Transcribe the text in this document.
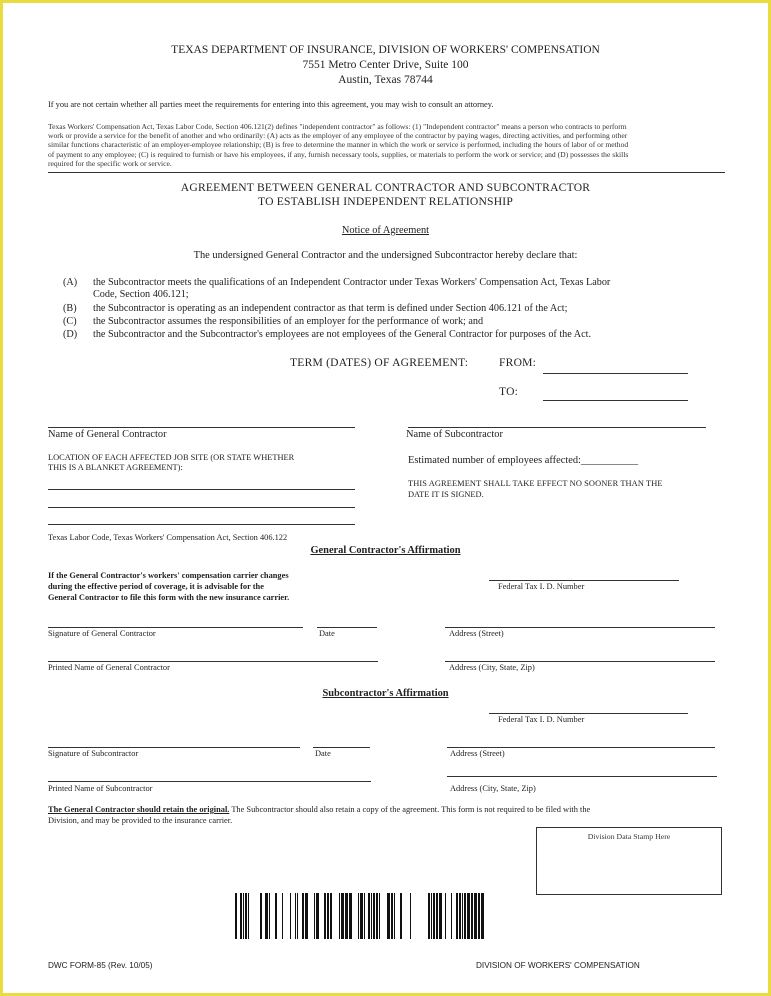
TEXAS DEPARTMENT OF INSURANCE, DIVISION OF WORKERS' COMPENSATION
7551 Metro Center Drive, Suite 100
Austin, Texas 78744
If you are not certain whether all parties meet the requirements for entering into this agreement, you may wish to consult an attorney.
Texas Workers' Compensation Act, Texas Labor Code, Section 406.121(2) defines "independent contractor" as follows: (1) "Independent contractor" means a person who contracts to perform
work or provide a service for the benefit of another and who ordinarily: (A) acts as the employer of any employee of the contractor by paying wages, directing activities, and performing other
similar functions characteristic of an employer-employee relationship; (B) is free to determine the manner in which the work or service is performed, including the hours of labor of or method
of payment to any employee; (C) is required to furnish or have his employees, if any, furnish necessary tools, supplies, or materials to perform the work or service; and (D) possesses the skills
required for the specific work or service.
AGREEMENT BETWEEN GENERAL CONTRACTOR AND SUBCONTRACTOR
TO ESTABLISH INDEPENDENT RELATIONSHIP
Notice of Agreement
The undersigned General Contractor and the undersigned Subcontractor hereby declare that:
(A) the Subcontractor meets the qualifications of an Independent Contractor under Texas Workers' Compensation Act, Texas Labor
Code, Section 406.121;
(B) the Subcontractor is operating as an independent contractor as that term is defined under Section 406.121 of the Act;
(C) the Subcontractor assumes the responsibilities of an employer for the performance of work; and
(D) the Subcontractor and the Subcontractor's employees are not employees of the General Contractor for purposes of the Act.
TERM (DATES) OF AGREEMENT:	FROM:
TO:
Name of General Contractor	Name of Subcontractor
LOCATION OF EACH AFFECTED JOB SITE (OR STATE WHETHER
THIS IS A BLANKET AGREEMENT):
Estimated number of employees affected:___________
THIS AGREEMENT SHALL TAKE EFFECT NO SOONER THAN THE
DATE IT IS SIGNED.
Texas Labor Code, Texas Workers' Compensation Act, Section 406.122
General Contractor's Affirmation
If the General Contractor's workers' compensation carrier changes
during the effective period of coverage, it is advisable for the
General Contractor to file this form with the new insurance carrier.
Federal Tax I. D. Number
Signature of General Contractor	Date	Address (Street)
Printed Name of General Contractor	Address (City, State, Zip)
Subcontractor's Affirmation
Federal Tax I. D. Number
Signature of Subcontractor	Date	Address (Street)
Printed Name of Subcontractor	Address (City, State, Zip)
The General Contractor should retain the original. The Subcontractor should also retain a copy of the agreement. This form is not required to be filed with the
Division, and may be provided to the insurance carrier.
Division Data Stamp Here
DWC FORM-85 (Rev. 10/05)	DIVISION OF WORKERS' COMPENSATION
